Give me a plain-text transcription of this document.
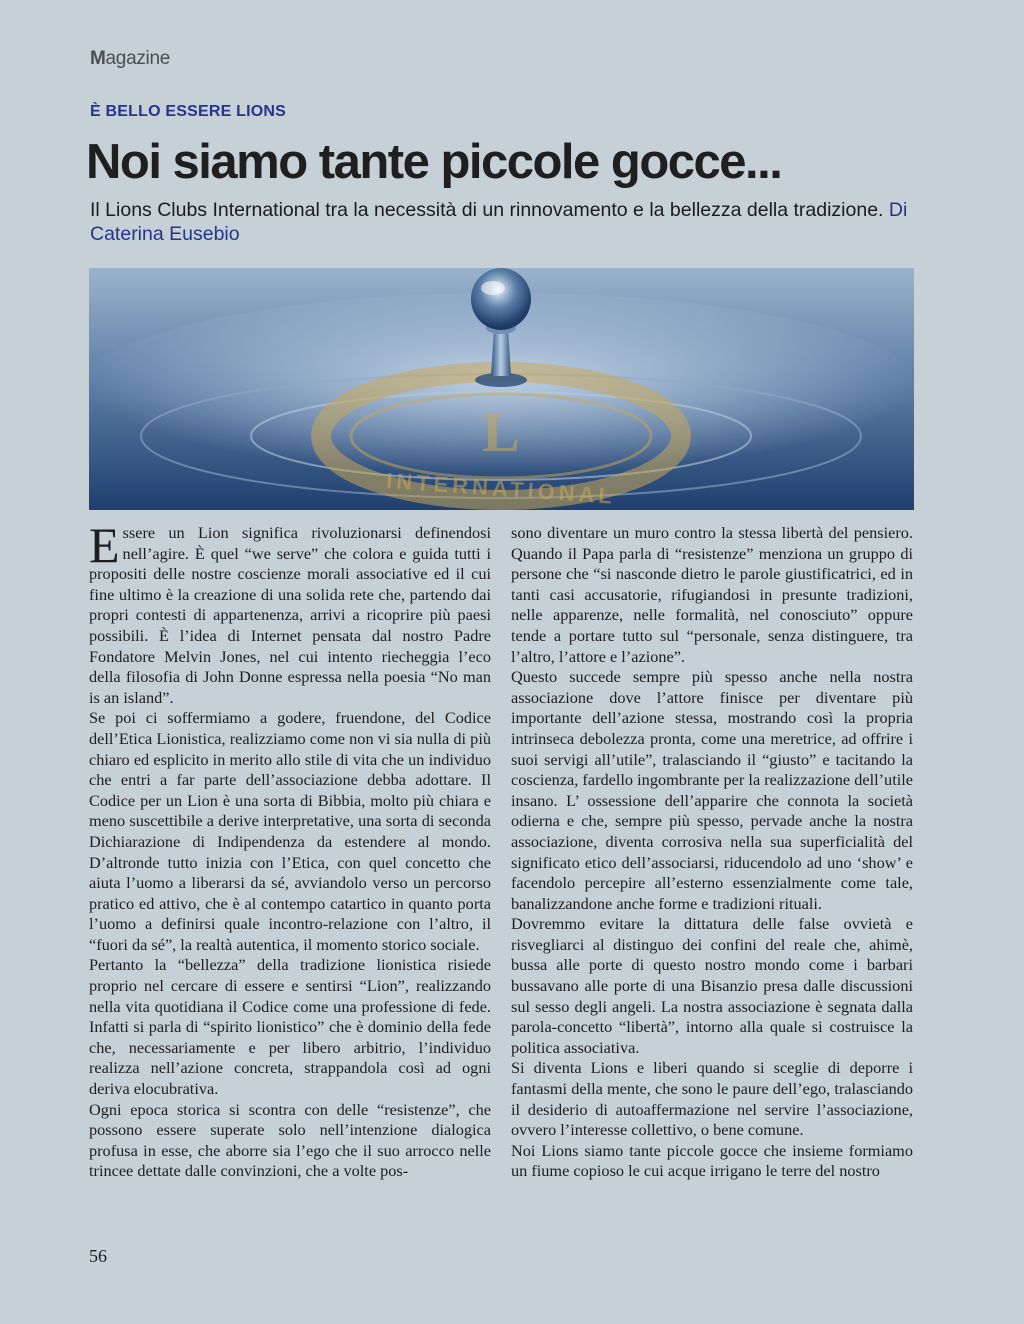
Magazine
È BELLO ESSERE LIONS
Noi siamo tante piccole gocce...

Il Lions Clubs International tra la necessità di un rinnovamento e la bellezza della tradizione. Di Caterina Eusebio

L
INTERNATIONAL

Essere un Lion significa rivoluzionarsi definendosi nell’agire. È quel “we serve” che colora e guida tutti i propositi delle nostre coscienze morali associative ed il cui fine ultimo è la creazione di una solida rete che, partendo dai propri contesti di appartenenza, arrivi a ricoprire più paesi possibili. È l’idea di Internet pensata dal nostro Padre Fondatore Melvin Jones, nel cui intento riecheggia l’eco della filosofia di John Donne espressa nella poesia “No man is an island”.

Se poi ci soffermiamo a godere, fruendone, del Codice dell’Etica Lionistica, realizziamo come non vi sia nulla di più chiaro ed esplicito in merito allo stile di vita che un individuo che entri a far parte dell’associazione debba adottare. Il Codice per un Lion è una sorta di Bibbia, molto più chiara e meno suscettibile a derive interpretative, una sorta di seconda Dichiarazione di Indipendenza da estendere al mondo. D’altronde tutto inizia con l’Etica, con quel concetto che aiuta l’uomo a liberarsi da sé, avviandolo verso un percorso pratico ed attivo, che è al contempo catartico in quanto porta l’uomo a definirsi quale incontro-relazione con l’altro, il “fuori da sé”, la realtà autentica, il momento storico sociale.

Pertanto la “bellezza” della tradizione lionistica risiede proprio nel cercare di essere e sentirsi “Lion”, realizzando nella vita quotidiana il Codice come una professione di fede. Infatti si parla di “spirito lionistico” che è dominio della fede che, necessariamente e per libero arbitrio, l’individuo realizza nell’azione concreta, strappandola così ad ogni deriva elocubrativa.

Ogni epoca storica si scontra con delle “resistenze”, che possono essere superate solo nell’intenzione dialogica profusa in esse, che aborre sia l’ego che il suo arrocco nelle trincee dettate dalle convinzioni, che a volte pos-

sono diventare un muro contro la stessa libertà del pensiero. Quando il Papa parla di “resistenze” menziona un gruppo di persone che “si nasconde dietro le parole giustificatrici, ed in tanti casi accusatorie, rifugiandosi in presunte tradizioni, nelle apparenze, nelle formalità, nel conosciuto” oppure tende a portare tutto sul “personale, senza distinguere, tra l’altro, l’attore e l’azione”.

Questo succede sempre più spesso anche nella nostra associazione dove l’attore finisce per diventare più importante dell’azione stessa, mostrando così la propria intrinseca debolezza pronta, come una meretrice, ad offrire i suoi servigi all’utile”, tralasciando il “giusto” e tacitando la coscienza, fardello ingombrante per la realizzazione dell’utile insano. L’ ossessione dell’apparire che connota la società odierna e che, sempre più spesso, pervade anche la nostra associazione, diventa corrosiva nella sua superficialità del significato etico dell’associarsi, riducendolo ad uno ‘show’ e facendolo percepire all’esterno essenzialmente come tale, banalizzandone anche forme e tradizioni rituali.

Dovremmo evitare la dittatura delle false ovvietà e risvegliarci al distinguo dei confini del reale che, ahimè, bussa alle porte di questo nostro mondo come i barbari bussavano alle porte di una Bisanzio presa dalle discussioni sul sesso degli angeli. La nostra associazione è segnata dalla parola-concetto “libertà”, intorno alla quale si costruisce la politica associativa.

Si diventa Lions e liberi quando si sceglie di deporre i fantasmi della mente, che sono le paure dell’ego, tralasciando il desiderio di autoaffermazione nel servire l’associazione, ovvero l’interesse collettivo, o bene comune.

Noi Lions siamo tante piccole gocce che insieme formiamo un fiume copioso le cui acque irrigano le terre del nostro

56
